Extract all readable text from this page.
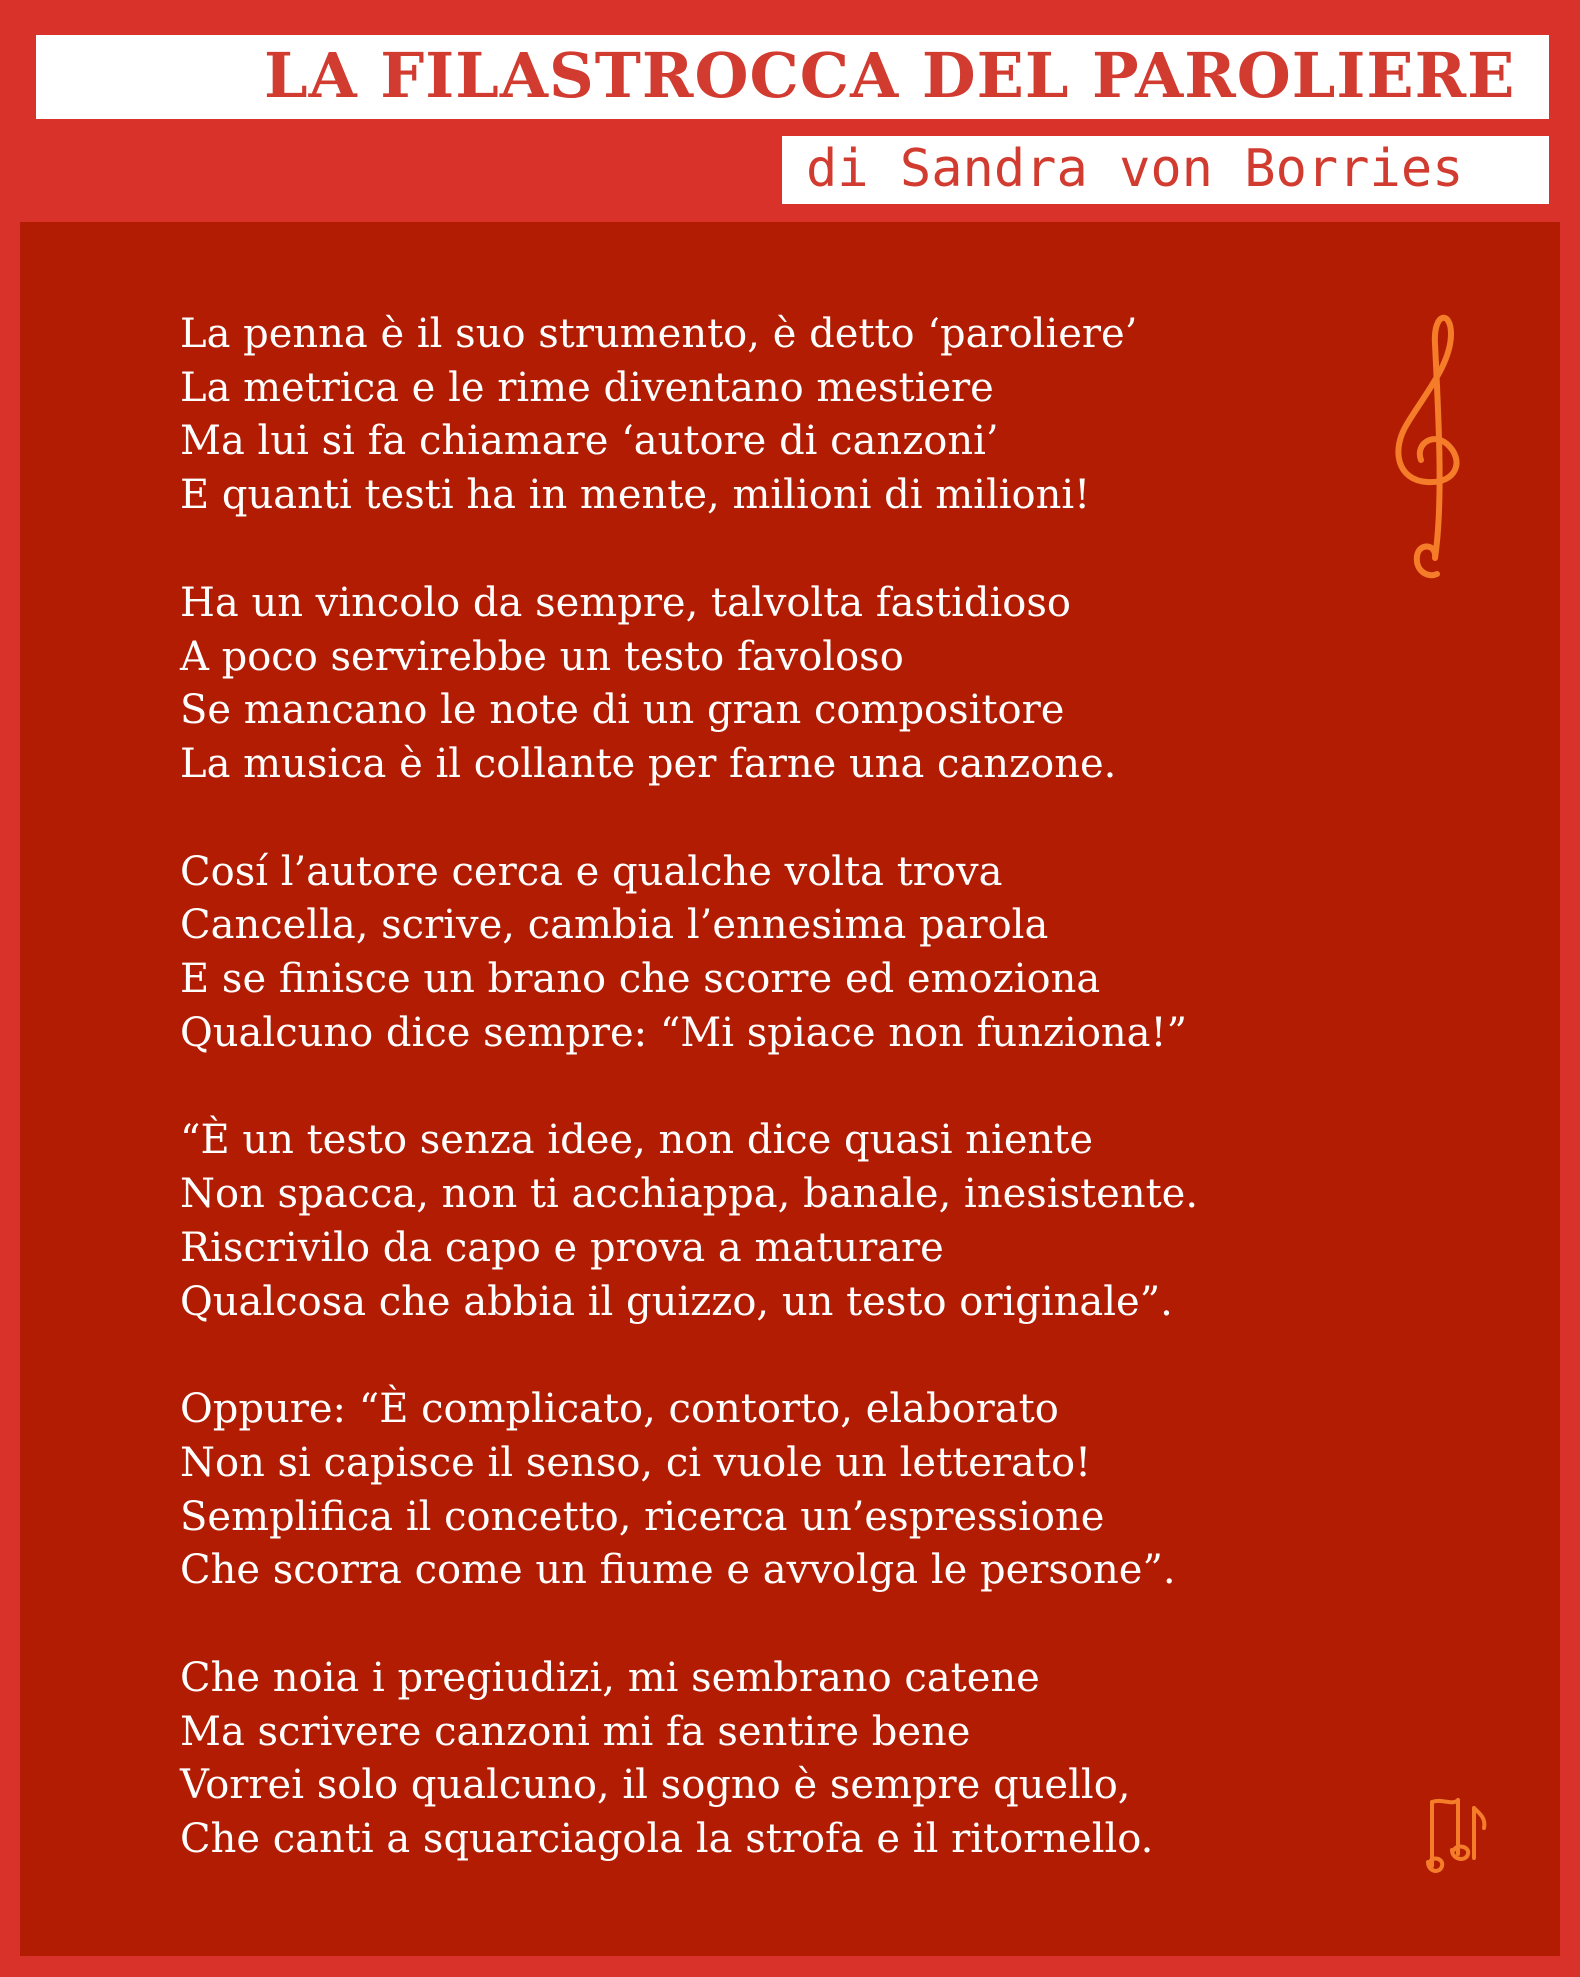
LA FILASTROCCA DEL PAROLIERE
di Sandra von Borries
La penna è il suo strumento, è detto ‘paroliere’
La metrica e le rime diventano mestiere
Ma lui si fa chiamare ‘autore di canzoni’
E quanti testi ha in mente, milioni di milioni!
Ha un vincolo da sempre, talvolta fastidioso
A poco servirebbe un testo favoloso
Se mancano le note di un gran compositore
La musica è il collante per farne una canzone.
Cosí l’autore cerca e qualche volta trova
Cancella, scrive, cambia l’ennesima parola
E se finisce un brano che scorre ed emoziona
Qualcuno dice sempre: “Mi spiace non funziona!”
“È un testo senza idee, non dice quasi niente
Non spacca, non ti acchiappa, banale, inesistente.
Riscrivilo da capo e prova a maturare
Qualcosa che abbia il guizzo, un testo originale”.
Oppure: “È complicato, contorto, elaborato
Non si capisce il senso, ci vuole un letterato!
Semplifica il concetto, ricerca un’espressione
Che scorra come un fiume e avvolga le persone”.
Che noia i pregiudizi, mi sembrano catene
Ma scrivere canzoni mi fa sentire bene
Vorrei solo qualcuno, il sogno è sempre quello,
Che canti a squarciagola la strofa e il ritornello.
